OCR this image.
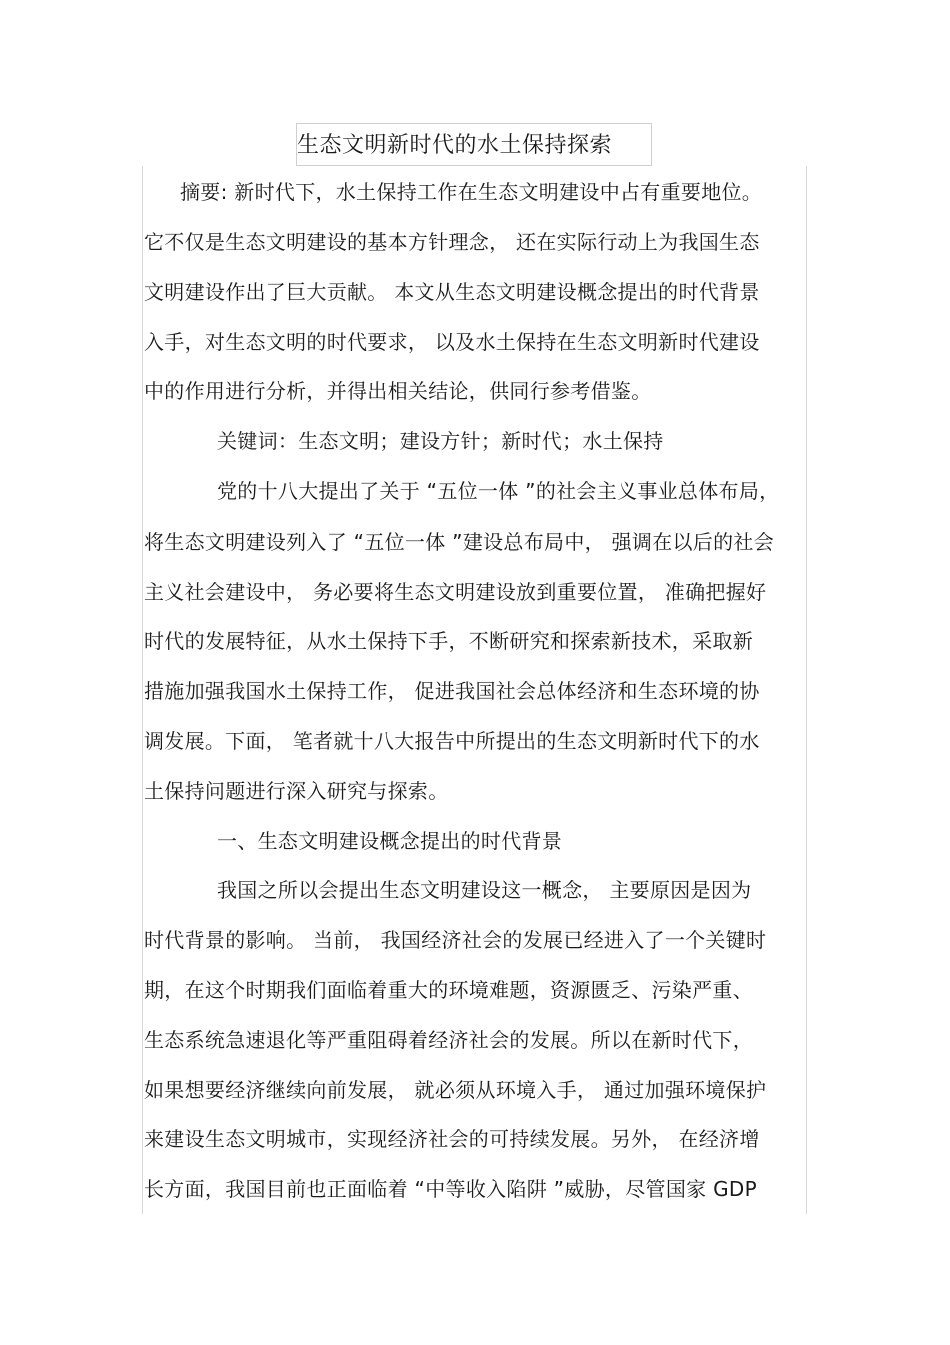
生态文明新时代的水土保持探索
摘要: 新时代下，水土保持工作在生态文明建设中占有重要地位。
它不仅是生态文明建设的基本方针理念， 还在实际行动上为我国生态
文明建设作出了巨大贡献。 本文从生态文明建设概念提出的时代背景
入手，对生态文明的时代要求， 以及水土保持在生态文明新时代建设
中的作用进行分析，并得出相关结论，供同行参考借鉴。
关键词：生态文明；建设方针；新时代；水土保持
党的十八大提出了关于 “五位一体 ”的社会主义事业总体布局，
将生态文明建设列入了 “五位一体 ”建设总布局中， 强调在以后的社会
主义社会建设中， 务必要将生态文明建设放到重要位置， 准确把握好
时代的发展特征，从水土保持下手，不断研究和探索新技术，采取新
措施加强我国水土保持工作， 促进我国社会总体经济和生态环境的协
调发展。下面， 笔者就十八大报告中所提出的生态文明新时代下的水
土保持问题进行深入研究与探索。
一、生态文明建设概念提出的时代背景
我国之所以会提出生态文明建设这一概念， 主要原因是因为
时代背景的影响。 当前， 我国经济社会的发展已经进入了一个关键时
期，在这个时期我们面临着重大的环境难题，资源匮乏、污染严重、
生态系统急速退化等严重阻碍着经济社会的发展。所以在新时代下，
如果想要经济继续向前发展， 就必须从环境入手， 通过加强环境保护
来建设生态文明城市，实现经济社会的可持续发展。另外， 在经济增
长方面，我国目前也正面临着 “中等收入陷阱 ”威胁，尽管国家 GDP
